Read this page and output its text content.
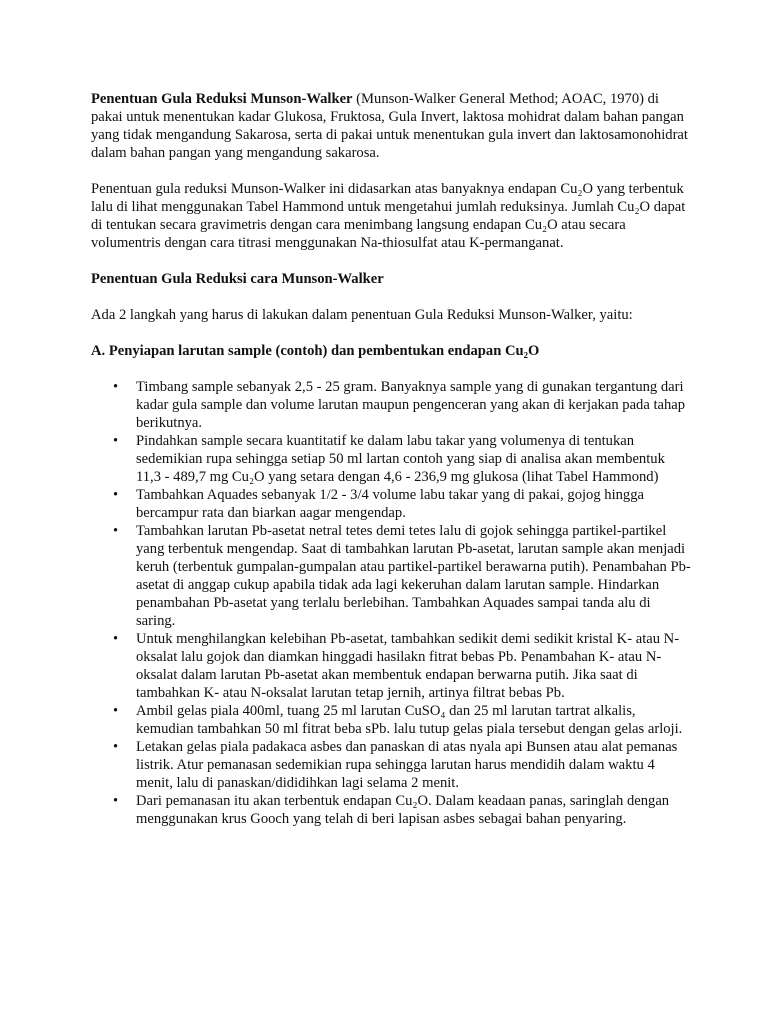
Penentuan Gula Reduksi Munson-Walker (Munson-Walker General Method; AOAC, 1970) di pakai untuk menentukan kadar Glukosa, Fruktosa, Gula Invert, laktosa mohidrat dalam bahan pangan yang tidak mengandung Sakarosa, serta di pakai untuk menentukan gula invert dan laktosamonohidrat dalam bahan pangan yang mengandung sakarosa.

Penentuan gula reduksi Munson-Walker ini didasarkan atas banyaknya endapan Cu₂O yang terbentuk lalu di lihat menggunakan Tabel Hammond untuk mengetahui jumlah reduksinya. Jumlah Cu₂O dapat di tentukan secara gravimetris dengan cara menimbang langsung endapan Cu₂O atau secara volumentris dengan cara titrasi menggunakan Na-thiosulfat atau K-permanganat.

Penentuan Gula Reduksi cara Munson-Walker

Ada 2 langkah yang harus di lakukan dalam penentuan Gula Reduksi Munson-Walker, yaitu:

A. Penyiapan larutan sample (contoh) dan pembentukan endapan Cu₂O

• Timbang sample sebanyak 2,5 - 25 gram. Banyaknya sample yang di gunakan tergantung dari kadar gula sample dan volume larutan maupun pengenceran yang akan di kerjakan pada tahap berikutnya.
• Pindahkan sample secara kuantitatif ke dalam labu takar yang volumenya di tentukan sedemikian rupa sehingga setiap 50 ml lartan contoh yang siap di analisa akan membentuk 11,3 - 489,7 mg Cu₂O yang setara dengan 4,6 - 236,9 mg glukosa (lihat Tabel Hammond)
• Tambahkan Aquades sebanyak 1/2 - 3/4 volume labu takar yang di pakai, gojog hingga bercampur rata dan biarkan aagar mengendap.
• Tambahkan larutan Pb-asetat netral tetes demi tetes lalu di gojok sehingga partikel-partikel yang terbentuk mengendap. Saat di tambahkan larutan Pb-asetat, larutan sample akan menjadi keruh (terbentuk gumpalan-gumpalan atau partikel-partikel berawarna putih). Penambahan Pb-asetat di anggap cukup apabila tidak ada lagi kekeruhan dalam larutan sample. Hindarkan penambahan Pb-asetat yang terlalu berlebihan. Tambahkan Aquades sampai tanda alu di saring.
• Untuk menghilangkan kelebihan Pb-asetat, tambahkan sedikit demi sedikit kristal K- atau N-oksalat lalu gojok dan diamkan hinggadi hasilakn fitrat bebas Pb. Penambahan K- atau N- oksalat dalam larutan Pb-asetat akan membentuk endapan berwarna putih. Jika saat di tambahkan K- atau N-oksalat larutan tetap jernih, artinya filtrat bebas Pb.
• Ambil gelas piala 400ml, tuang 25 ml larutan CuSO₄ dan 25 ml larutan tartrat alkalis, kemudian tambahkan 50 ml fitrat beba sPb. lalu tutup gelas piala tersebut dengan gelas arloji.
• Letakan gelas piala padakaca asbes dan panaskan di atas nyala api Bunsen atau alat pemanas listrik. Atur pemanasan sedemikian rupa sehingga larutan harus mendidih dalam waktu 4 menit, lalu di panaskan/dididihkan lagi selama 2 menit.
• Dari pemanasan itu akan terbentuk endapan Cu₂O. Dalam keadaan panas, saringlah dengan menggunakan krus Gooch yang telah di beri lapisan asbes sebagai bahan penyaring.
